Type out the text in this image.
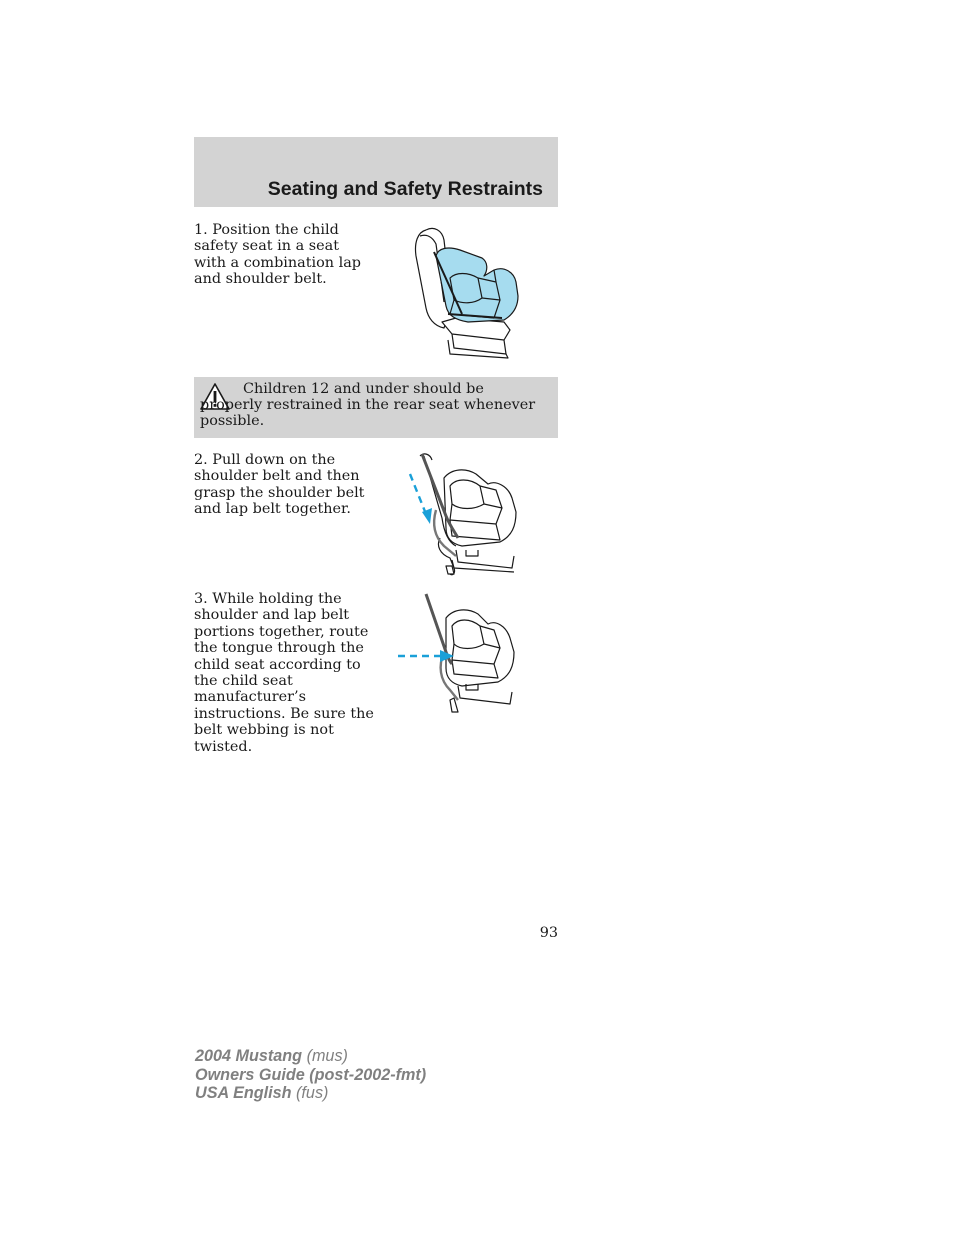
Seating and Safety Restraints
1. Position the child safety seat in a seat with a combination lap and shoulder belt.
Children 12 and under should be properly restrained in the rear seat whenever possible.
2. Pull down on the shoulder belt and then grasp the shoulder belt and lap belt together.
3. While holding the shoulder and lap belt portions together, route the tongue through the child seat according to the child seat manufacturer’s instructions. Be sure the belt webbing is not twisted.
93
2004 Mustang (mus)
Owners Guide (post-2002-fmt)
USA English (fus)
